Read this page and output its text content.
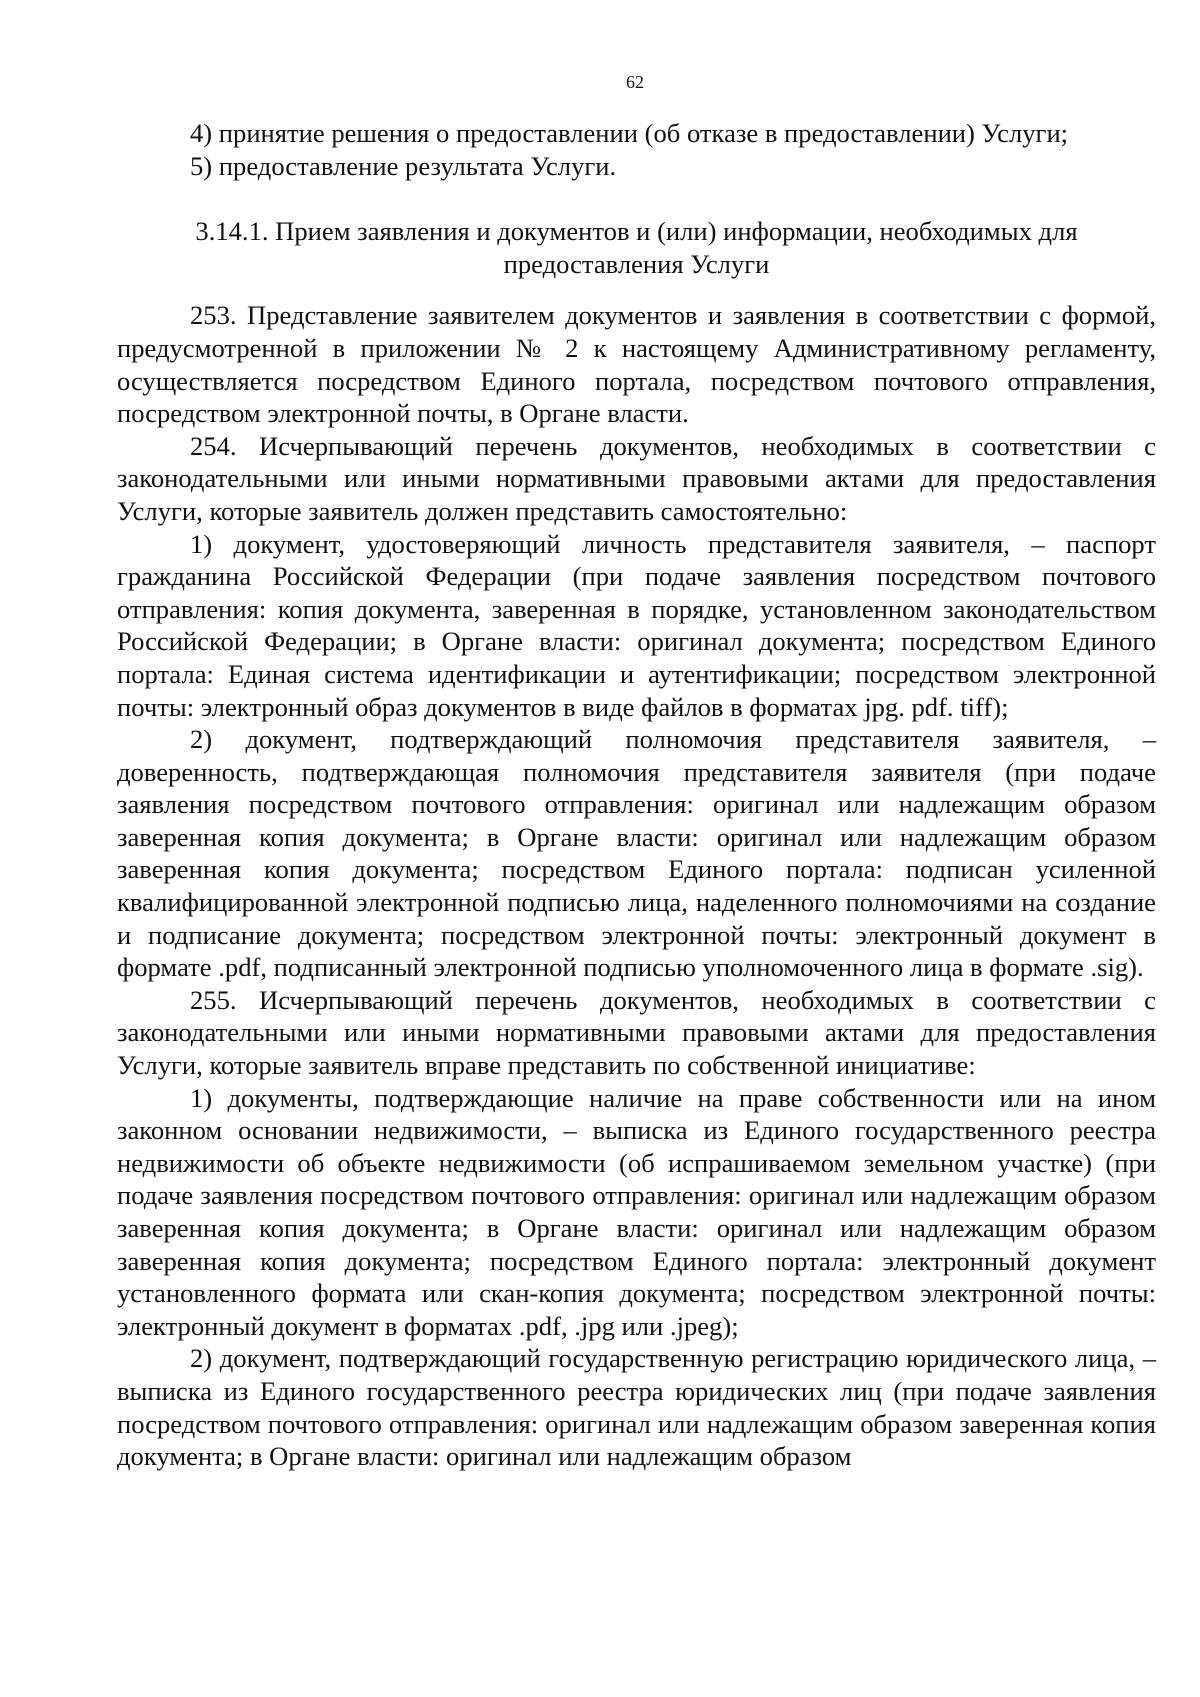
62

4) принятие решения о предоставлении (об отказе в предоставлении) Услуги;

5) предоставление результата Услуги.

3.14.1. Прием заявления и документов и (или) информации, необходимых для предоставления Услуги

253. Представление заявителем документов и заявления в соответствии с формой, предусмотренной в приложении № 2 к настоящему Административному регламенту, осуществляется посредством Единого портала, посредством почтового отправления, посредством электронной почты, в Органе власти.

254. Исчерпывающий перечень документов, необходимых в соответствии с законодательными или иными нормативными правовыми актами для предоставления Услуги, которые заявитель должен представить самостоятельно:

1) документ, удостоверяющий личность представителя заявителя, – паспорт гражданина Российской Федерации (при подаче заявления посредством почтового отправления: копия документа, заверенная в порядке, установленном законодательством Российской Федерации; в Органе власти: оригинал документа; посредством Единого портала: Единая система идентификации и аутентификации; посредством электронной почты: электронный образ документов в виде файлов в форматах jpg. pdf. tiff);

2) документ, подтверждающий полномочия представителя заявителя, – доверенность, подтверждающая полномочия представителя заявителя (при подаче заявления посредством почтового отправления: оригинал или надлежащим образом заверенная копия документа; в Органе власти: оригинал или надлежащим образом заверенная копия документа; посредством Единого портала: подписан усиленной квалифицированной электронной подписью лица, наделенного полномочиями на создание и подписание документа; посредством электронной почты: электронный документ в формате .pdf, подписанный электронной подписью уполномоченного лица в формате .sig).

255. Исчерпывающий перечень документов, необходимых в соответствии с законодательными или иными нормативными правовыми актами для предоставления Услуги, которые заявитель вправе представить по собственной инициативе:

1) документы, подтверждающие наличие на праве собственности или на ином законном основании недвижимости, – выписка из Единого государственного реестра недвижимости об объекте недвижимости (об испрашиваемом земельном участке) (при подаче заявления посредством почтового отправления: оригинал или надлежащим образом заверенная копия документа; в Органе власти: оригинал или надлежащим образом заверенная копия документа; посредством Единого портала: электронный документ установленного формата или скан-копия документа; посредством электронной почты: электронный документ в форматах .pdf, .jpg или .jpeg);

2) документ, подтверждающий государственную регистрацию юридического лица, – выписка из Единого государственного реестра юридических лиц (при подаче заявления посредством почтового отправления: оригинал или надлежащим образом заверенная копия документа; в Органе власти: оригинал или надлежащим образом
